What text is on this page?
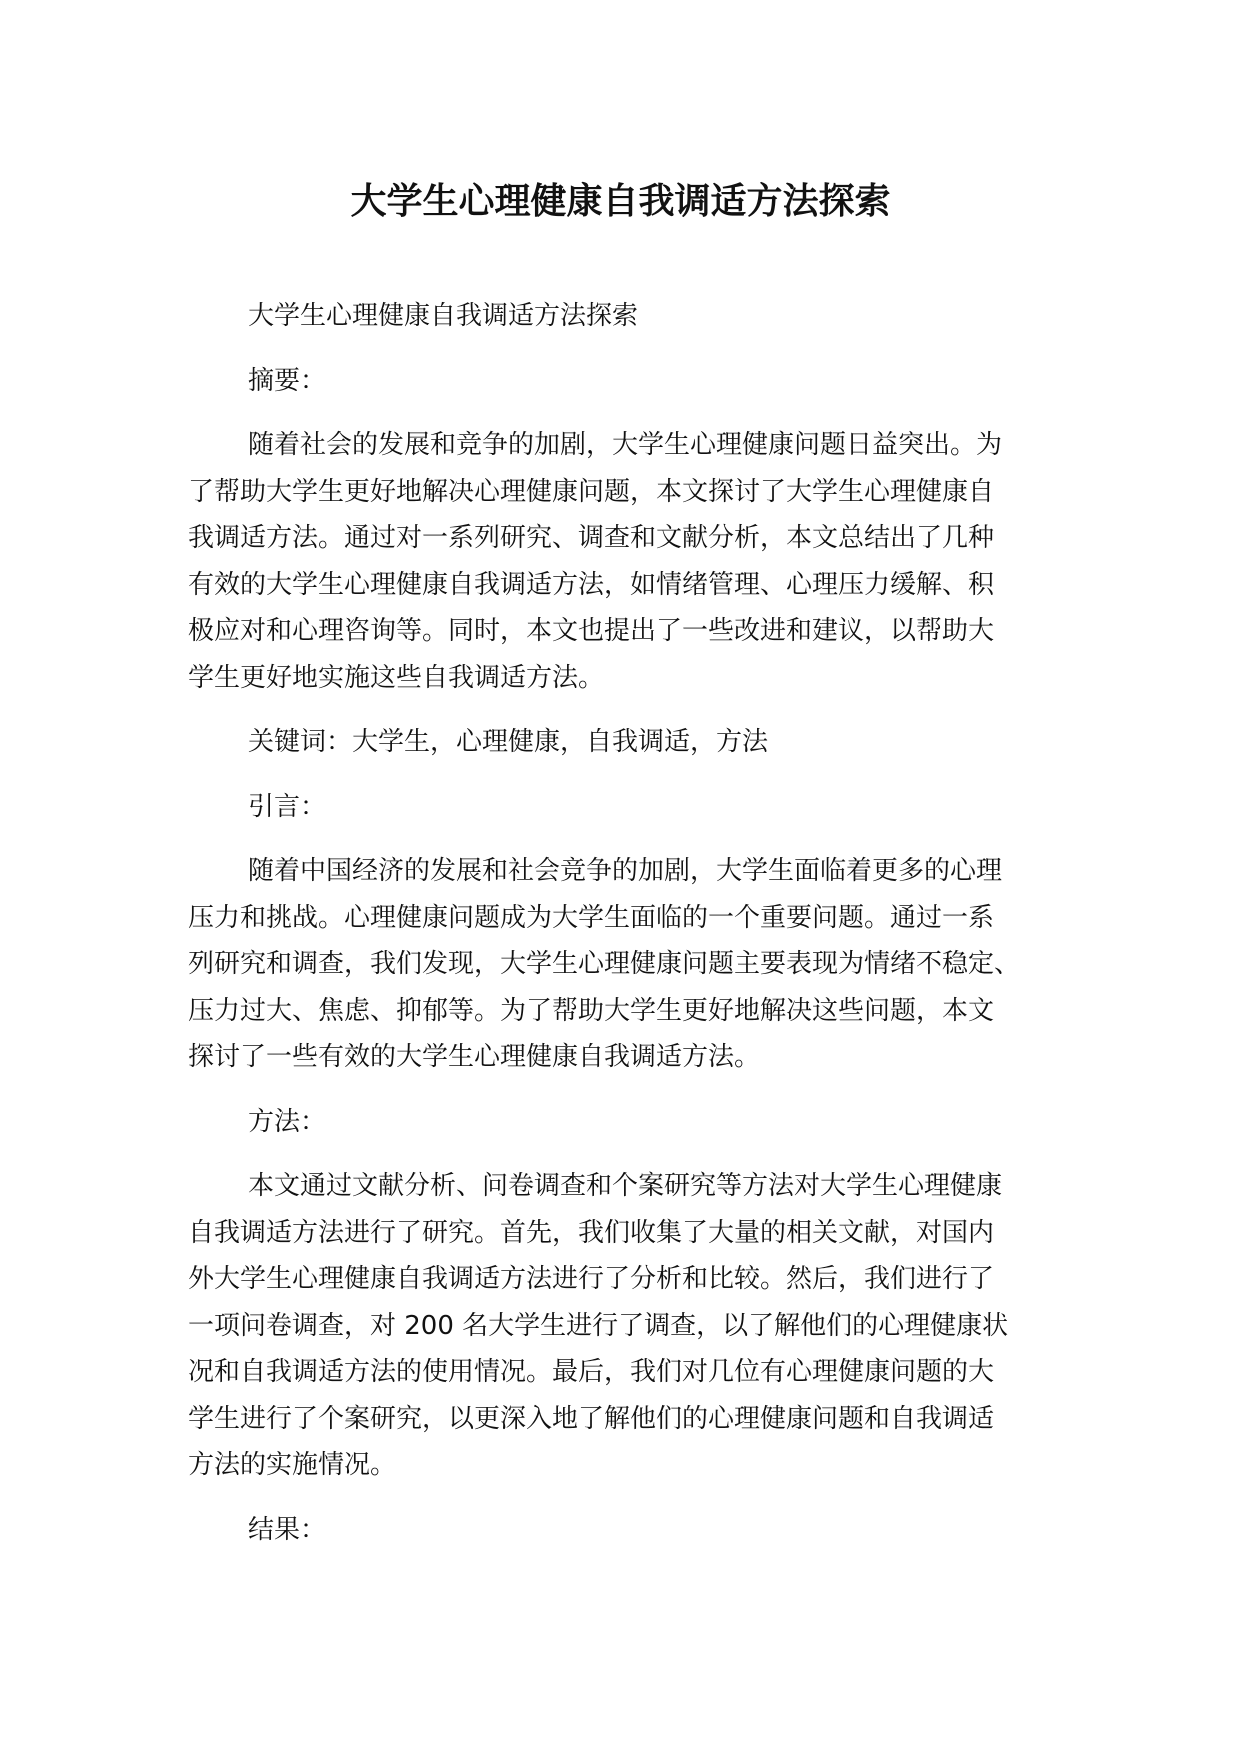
大学生心理健康自我调适方法探索
大学生心理健康自我调适方法探索
摘要：
随着社会的发展和竞争的加剧，大学生心理健康问题日益突出。为
了帮助大学生更好地解决心理健康问题，本文探讨了大学生心理健康自
我调适方法。通过对一系列研究、调查和文献分析，本文总结出了几种
有效的大学生心理健康自我调适方法，如情绪管理、心理压力缓解、积
极应对和心理咨询等。同时，本文也提出了一些改进和建议，以帮助大
学生更好地实施这些自我调适方法。
关键词：大学生，心理健康，自我调适，方法
引言：
随着中国经济的发展和社会竞争的加剧，大学生面临着更多的心理
压力和挑战。心理健康问题成为大学生面临的一个重要问题。通过一系
列研究和调查，我们发现，大学生心理健康问题主要表现为情绪不稳定、
压力过大、焦虑、抑郁等。为了帮助大学生更好地解决这些问题，本文
探讨了一些有效的大学生心理健康自我调适方法。
方法：
本文通过文献分析、问卷调查和个案研究等方法对大学生心理健康
自我调适方法进行了研究。首先，我们收集了大量的相关文献，对国内
外大学生心理健康自我调适方法进行了分析和比较。然后，我们进行了
一项问卷调查，对 200 名大学生进行了调查，以了解他们的心理健康状
况和自我调适方法的使用情况。最后，我们对几位有心理健康问题的大
学生进行了个案研究，以更深入地了解他们的心理健康问题和自我调适
方法的实施情况。
结果：
